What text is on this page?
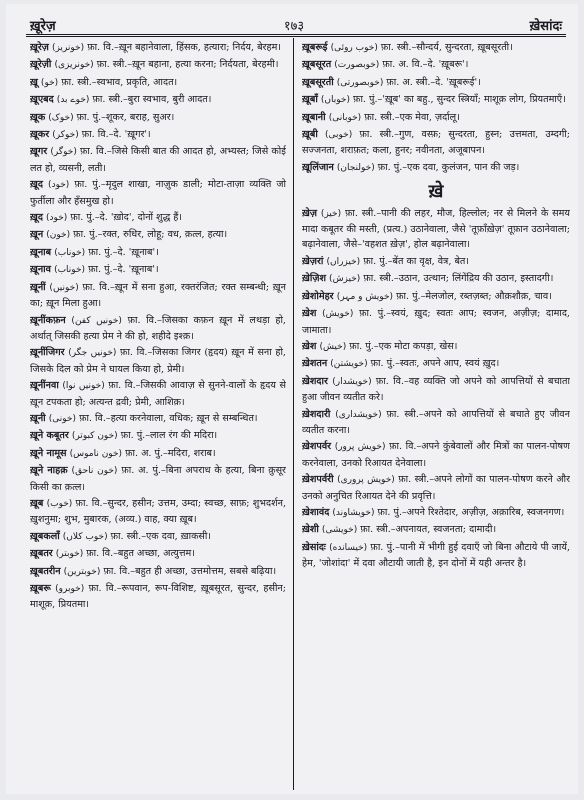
ख़ूरेज़	१७३	ख़ेसांदः
ख़ूरेज़ (خونریز) फ़ा. वि.–ख़ून बहानेवाला, हिंसक, हत्यारा; निर्दय, बेरहम।
ख़ूरेज़ी (خونریزی) फ़ा. स्त्री.–ख़ून बहाना, हत्या करना; निर्दयता, बेरहमी।
ख़ू (خو) फ़ा. स्त्री.–स्वभाव, प्रकृति, आदत।
ख़ूएबद (خوے بد) फ़ा. स्त्री.–बुरा स्वभाव, बुरी आदत।
ख़ूक (خوک) फ़ा. पुं.–शूकर, बराह, सुअर।
ख़ूकर (خوکر) फ़ा. वि.–दे. 'ख़ूगर'।
ख़ूगर (خوگر) फ़ा. वि.–जिसे किसी बात की आदत हो, अभ्यस्त; जिसे कोई लत हो, व्यसनी, लती।
ख़ूद (خود) फ़ा. पुं.–मृदुल शाखा, नाज़ुक डाली; मोटा-ताज़ा व्यक्ति जो फुर्तीला और हँसमुख हो।
ख़ूद (خود) फ़ा. पुं.–दे. 'ख़ोद', दोनों शुद्ध हैं।
ख़ून (خون) फ़ा. पुं.–रक्त, रुधिर, लोहू; वध, क़त्ल, हत्या।
ख़ूनाब (خوناب) फ़ा. पुं.–दे. 'ख़ूनाब'।
ख़ूनाव (خوناب) फ़ा. पुं.–दे. 'ख़ूनाब'।
ख़ूनीं (خونیں) फ़ा. वि.–ख़ून में सना हुआ, रक्तरंजित; रक्त सम्बन्धी; ख़ून का; ख़ून मिला हुआ।
ख़ूनींकफ़न (خونیں کفن) फ़ा. वि.–जिसका कफ़न ख़ून में लथड़ा हो, अर्थात् जिसकी हत्या प्रेम ने की हो, शहीदे इश्क़।
ख़ूनींजिगर (خونیں جگر) फ़ा. वि.–जिसका जिगर (हृदय) ख़ून में सना हो, जिसके दिल को प्रेम ने घायल किया हो, प्रेमी।
ख़ूनींनवा (خونیں نوا) फ़ा. वि.–जिसकी आवाज़ से सुनने-वालों के हृदय से ख़ून टपकता हो; अत्यन्त द्रवी; प्रेमी, आशिक़।
ख़ूनी (خونی) फ़ा. वि.–हत्या करनेवाला, वधिक; ख़ून से सम्बन्धित।
ख़ूने कबूतर (خون کبوتر) फ़ा. पुं.–लाल रंग की मदिरा।
ख़ूने नामूस (خون ناموس) फ़ा. अ. पुं.–मदिरा, शराब।
ख़ूने नाहक़ (خون ناحق) फ़ा. अ. पुं.–बिना अपराध के हत्या, बिना क़ुसूर किसी का क़त्ल।
ख़ूब (خوب) फ़ा. वि.–सुन्दर, हसीन; उत्तम, उम्दा; स्वच्छ, साफ़; शुभदर्शन, ख़ुशनुमा; शुभ, मुबारक, (अव्य.) वाह, क्या ख़ूब।
ख़ूबकलाँ (خوب کلاں) फ़ा. स्त्री.–एक दवा, ख़ाकसी।
ख़ूबतर (خوبتر) फ़ा. वि.–बहुत अच्छा, अत्युत्तम।
ख़ूबतरीन (خوبترین) फ़ा. वि.–बहुत ही अच्छा, उत्तमोत्तम, सबसे बढ़िया।
ख़ूबरू (خوبرو) फ़ा. वि.–रूपवान, रूप-विशिष्ट, ख़ूबसूरत, सुन्दर, हसीन; माशूक़, प्रियतमा।
ख़ूबरूई (خوب روئی) फ़ा. स्त्री.–सौन्दर्य, सुन्दरता, ख़ूबसूरती।
ख़ूबसूरत (خوبصورت) फ़ा. अ. वि.–दे. 'ख़ूबरू'।
ख़ूबसूरती (خوبصورتی) फ़ा. अ. स्त्री.–दे. 'ख़ूबरूई'।
ख़ूबाँ (خوباں) फ़ा. पुं.–'ख़ूब' का बहु., सुन्दर स्त्रियाँ; माशूक़ लोग, प्रियतमाएँ।
ख़ूबानी (خوبانی) फ़ा. स्त्री.–एक मेवा, ज़र्दालू।
ख़ूबी (خوبی) फ़ा. स्त्री.–गुण, वस्फ़; सुन्दरता, हुस्न; उत्तमता, उम्दगी; सज्जनता, शराफ़त; कला, हुनर; नवीनता, अजूबापन।
ख़ूलिंजान (خولنجان) फ़ा. पुं.–एक दवा, कुलंजन, पान की जड़।
ख़े
ख़ेज़ (خیز) फ़ा. स्त्री.–पानी की लहर, मौज, हिल्लोल; नर से मिलने के समय मादा कबूतर की मस्ती, (प्रत्य.) उठानेवाला, जैसे 'तूफ़ाँख़ेज़' तूफ़ान उठानेवाला; बढ़ानेवाला, जैसे–'वहशत ख़ेज़', होल बढ़ानेवाला।
ख़ेज़रां (خیزراں) फ़ा. पुं.–बेंत का वृक्ष, वेत्र, बेत।
ख़ेज़िश (خیزش) फ़ा. स्त्री.–उठान, उत्थान; लिंगेंद्रिय की उठान, इस्तादगी।
ख़ेशोमेहर (خویش و مہر) फ़ा. पुं.–मेलजोल, रब्तज़ब्त; औक़शौक़, चाव।
ख़ेश (خویش) फ़ा. पुं.–स्वयं, ख़ुद; स्वतः आप; स्वजन, अज़ीज़; दामाद, जामाता।
ख़ेश (خیش) फ़ा. पुं.–एक मोटा कपड़ा, खेस।
ख़ेशतन (خویشتن) फ़ा. पुं.–स्वतः, अपने आप, स्वयं ख़ुद।
ख़ेशदार (خویشدار) फ़ा. वि.–वह व्यक्ति जो अपने को आपत्तियों से बचाता हुआ जीवन व्यतीत करे।
ख़ेशदारी (خویشداری) फ़ा. स्त्री.–अपने को आपत्तियों से बचाते हुए जीवन व्यतीत करना।
ख़ेशपर्वर (خویش پرور) फ़ा. वि.–अपने कुंबेवालों और मित्रों का पालन-पोषण करनेवाला, उनको रिआयत देनेवाला।
ख़ेशपर्वरी (خویش پروری) फ़ा. स्त्री.–अपने लोगों का पालन-पोषण करने और उनको अनुचित रिआयत देने की प्रवृत्ति।
ख़ेशावंद (خویشاوند) फ़ा. पुं.–अपने रिश्तेदार, अज़ीज़, अक़ारिब, स्वजनगण।
ख़ेशी (خویشی) फ़ा. स्त्री.–अपनायत, स्वजनता; दामादी।
ख़ेसांदः (خیسانده) फ़ा. पुं.–पानी में भीगी हुई दवाएँ जो बिना औटाये पी जायें, हेम, 'जोशांदा' में दवा औटायी जाती है, इन दोनों में यही अन्तर है।
